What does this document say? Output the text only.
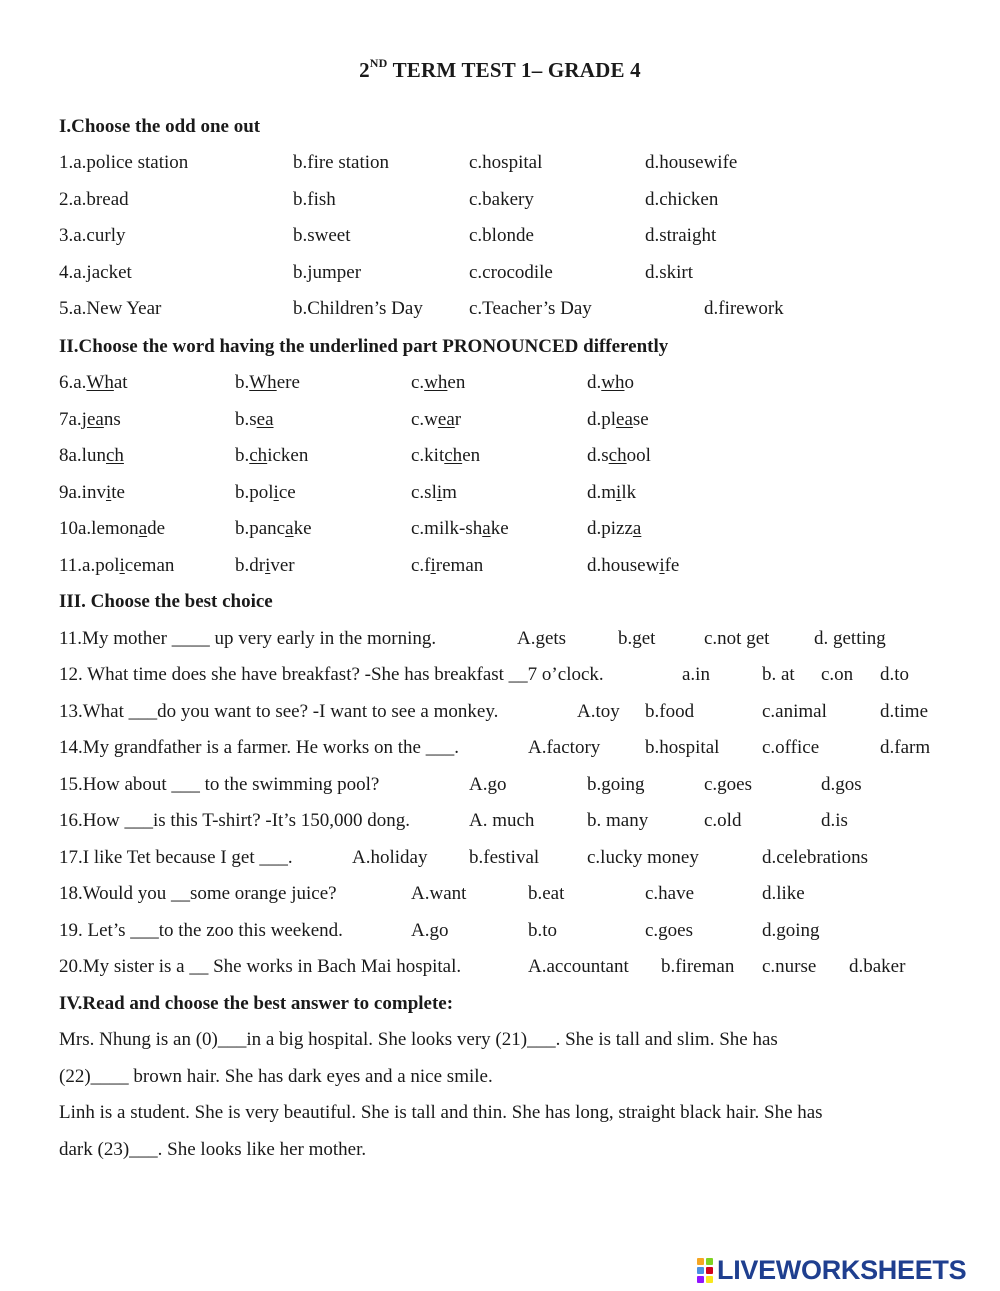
2ND TERM TEST 1– GRADE 4
I.Choose the odd one out
1.a.police station	b.fire station	c.hospital	d.housewife
2.a.bread	b.fish	c.bakery	d.chicken
3.a.curly	b.sweet	c.blonde	d.straight
4.a.jacket	b.jumper	c.crocodile	d.skirt
5.a.New Year	b.Children’s Day c.Teacher’s Day	d.firework
II.Choose the word having the underlined part PRONOUNCED differently
6.a.What	b.Where	c.when	d.who
7a.jeans	b.sea	c.wear	d.please
8a.lunch	b.chicken	c.kitchen	d.school
9a.invite	b.police	c.slim	d.milk
10a.lemonade	b.pancake	c.milk-shake	d.pizza
11.a.policeman	b.driver	c.fireman	d.housewife
III. Choose the best choice
11.My mother ____ up very early in the morning.	A.gets	b.get	c.not get d. getting
12. What time does she have breakfast? -She has breakfast __7 o’clock.	a.in	b. at c.on d.to
13.What ___do you want to see? -I want to see a monkey.	A.toy b.food	c.animal	d.time
14.My grandfather is a farmer. He works on the ___.	A.factory b.hospital c.office	d.farm
15.How about ___ to the swimming pool?	A.go	b.going	c.goes	d.gos
16.How ___is this T-shirt? -It’s 150,000 dong.	A. much	b. many	c.old	d.is
17.I like Tet because I get ___.	A.holiday b.festival	c.lucky money	d.celebrations
18.Would you __some orange juice?	A.want	b.eat	c.have	d.like
19. Let’s ___to the zoo this weekend.	A.go	b.to	c.goes	d.going
20.My sister is a __ She works in Bach Mai hospital.	A.accountant b.fireman c.nurse d.baker
IV.Read and choose the best answer to complete:
Mrs. Nhung is an (0)___in a big hospital. She looks very (21)___. She is tall and slim. She has
(22)____ brown hair. She has dark eyes and a nice smile.
Linh is a student. She is very beautiful. She is tall and thin. She has long, straight black hair. She has
dark (23)___. She looks like her mother.
LIVEWORKSHEETS
